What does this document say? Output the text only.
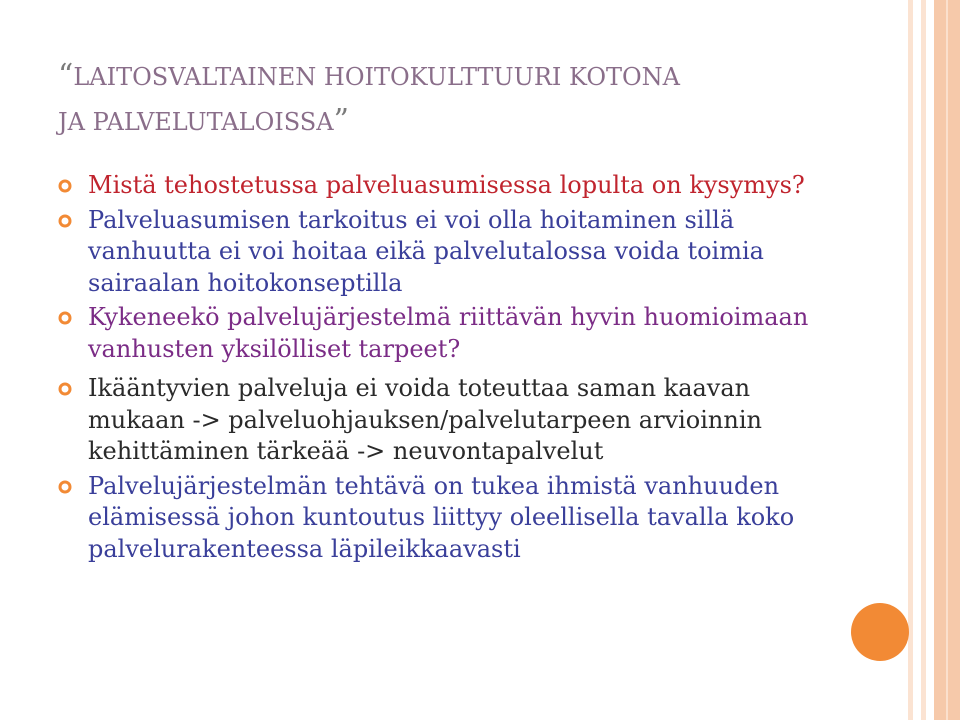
“LAITOSVALTAINEN HOITOKULTTUURI KOTONA
JA PALVELUTALOISSA”
Mistä tehostetussa palveluasumisessa lopulta on kysymys?
Palveluasumisen tarkoitus ei voi olla hoitaminen sillä vanhuutta ei voi hoitaa eikä palvelutalossa voida toimia sairaalan hoitokonseptilla
Kykeneekö palvelujärjestelmä riittävän hyvin huomioimaan vanhusten yksilölliset tarpeet?
Ikääntyvien palveluja ei voida toteuttaa saman kaavan mukaan -> palveluohjauksen/palvelutarpeen arvioinnin kehittäminen tärkeää -> neuvontapalvelut
Palvelujärjestelmän tehtävä on tukea ihmistä vanhuuden elämisessä johon kuntoutus liittyy oleellisella tavalla koko palvelurakenteessa läpileikkaavasti
